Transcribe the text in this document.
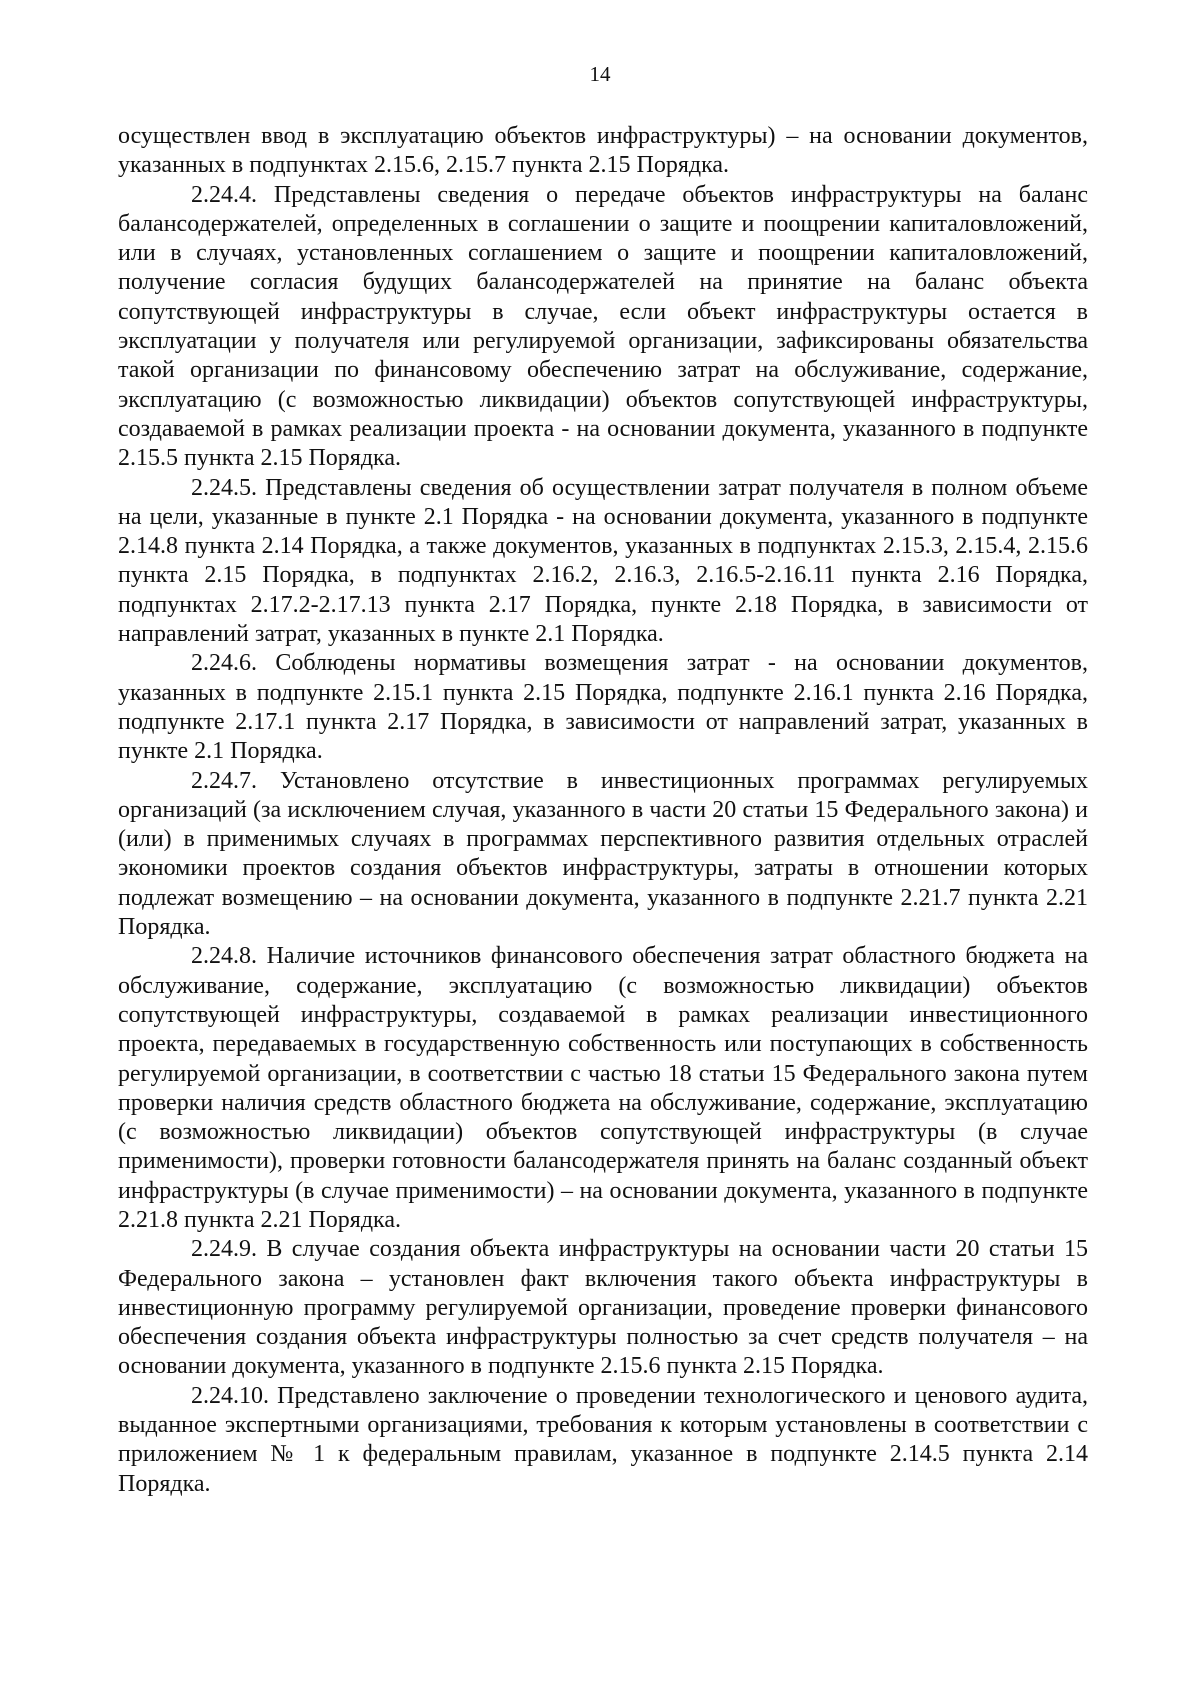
14

осуществлен ввод в эксплуатацию объектов инфраструктуры) – на основании документов, указанных в подпунктах 2.15.6, 2.15.7 пункта 2.15 Порядка.

2.24.4. Представлены сведения о передаче объектов инфраструктуры на баланс балансодержателей, определенных в соглашении о защите и поощрении капиталовложений, или в случаях, установленных соглашением о защите и поощрении капиталовложений, получение согласия будущих балансодержателей на принятие на баланс объекта сопутствующей инфраструктуры в случае, если объект инфраструктуры остается в эксплуатации у получателя или регулируемой организации, зафиксированы обязательства такой организации по финансовому обеспечению затрат на обслуживание, содержание, эксплуатацию (с возможностью ликвидации) объектов сопутствующей инфраструктуры, создаваемой в рамках реализации проекта - на основании документа, указанного в подпункте 2.15.5 пункта 2.15 Порядка.

2.24.5. Представлены сведения об осуществлении затрат получателя в полном объеме на цели, указанные в пункте 2.1 Порядка - на основании документа, указанного в подпункте 2.14.8 пункта 2.14 Порядка, а также документов, указанных в подпунктах 2.15.3, 2.15.4, 2.15.6 пункта 2.15 Порядка, в подпунктах 2.16.2, 2.16.3, 2.16.5-2.16.11 пункта 2.16 Порядка, подпунктах 2.17.2-2.17.13 пункта 2.17 Порядка, пункте 2.18 Порядка, в зависимости от направлений затрат, указанных в пункте 2.1 Порядка.

2.24.6. Соблюдены нормативы возмещения затрат - на основании документов, указанных в подпункте 2.15.1 пункта 2.15 Порядка, подпункте 2.16.1 пункта 2.16 Порядка, подпункте 2.17.1 пункта 2.17 Порядка, в зависимости от направлений затрат, указанных в пункте 2.1 Порядка.

2.24.7. Установлено отсутствие в инвестиционных программах регулируемых организаций (за исключением случая, указанного в части 20 статьи 15 Федерального закона) и (или) в применимых случаях в программах перспективного развития отдельных отраслей экономики проектов создания объектов инфраструктуры, затраты в отношении которых подлежат возмещению – на основании документа, указанного в подпункте 2.21.7 пункта 2.21 Порядка.

2.24.8. Наличие источников финансового обеспечения затрат областного бюджета на обслуживание, содержание, эксплуатацию (с возможностью ликвидации) объектов сопутствующей инфраструктуры, создаваемой в рамках реализации инвестиционного проекта, передаваемых в государственную собственность или поступающих в собственность регулируемой организации, в соответствии с частью 18 статьи 15 Федерального закона путем проверки наличия средств областного бюджета на обслуживание, содержание, эксплуатацию (с возможностью ликвидации) объектов сопутствующей инфраструктуры (в случае применимости), проверки готовности балансодержателя принять на баланс созданный объект инфраструктуры (в случае применимости) – на основании документа, указанного в подпункте 2.21.8 пункта 2.21 Порядка.

2.24.9. В случае создания объекта инфраструктуры на основании части 20 статьи 15 Федерального закона – установлен факт включения такого объекта инфраструктуры в инвестиционную программу регулируемой организации, проведение проверки финансового обеспечения создания объекта инфраструктуры полностью за счет средств получателя – на основании документа, указанного в подпункте 2.15.6 пункта 2.15 Порядка.

2.24.10. Представлено заключение о проведении технологического и ценового аудита, выданное экспертными организациями, требования к которым установлены в соответствии с приложением № 1 к федеральным правилам, указанное в подпункте 2.14.5 пункта 2.14 Порядка.
